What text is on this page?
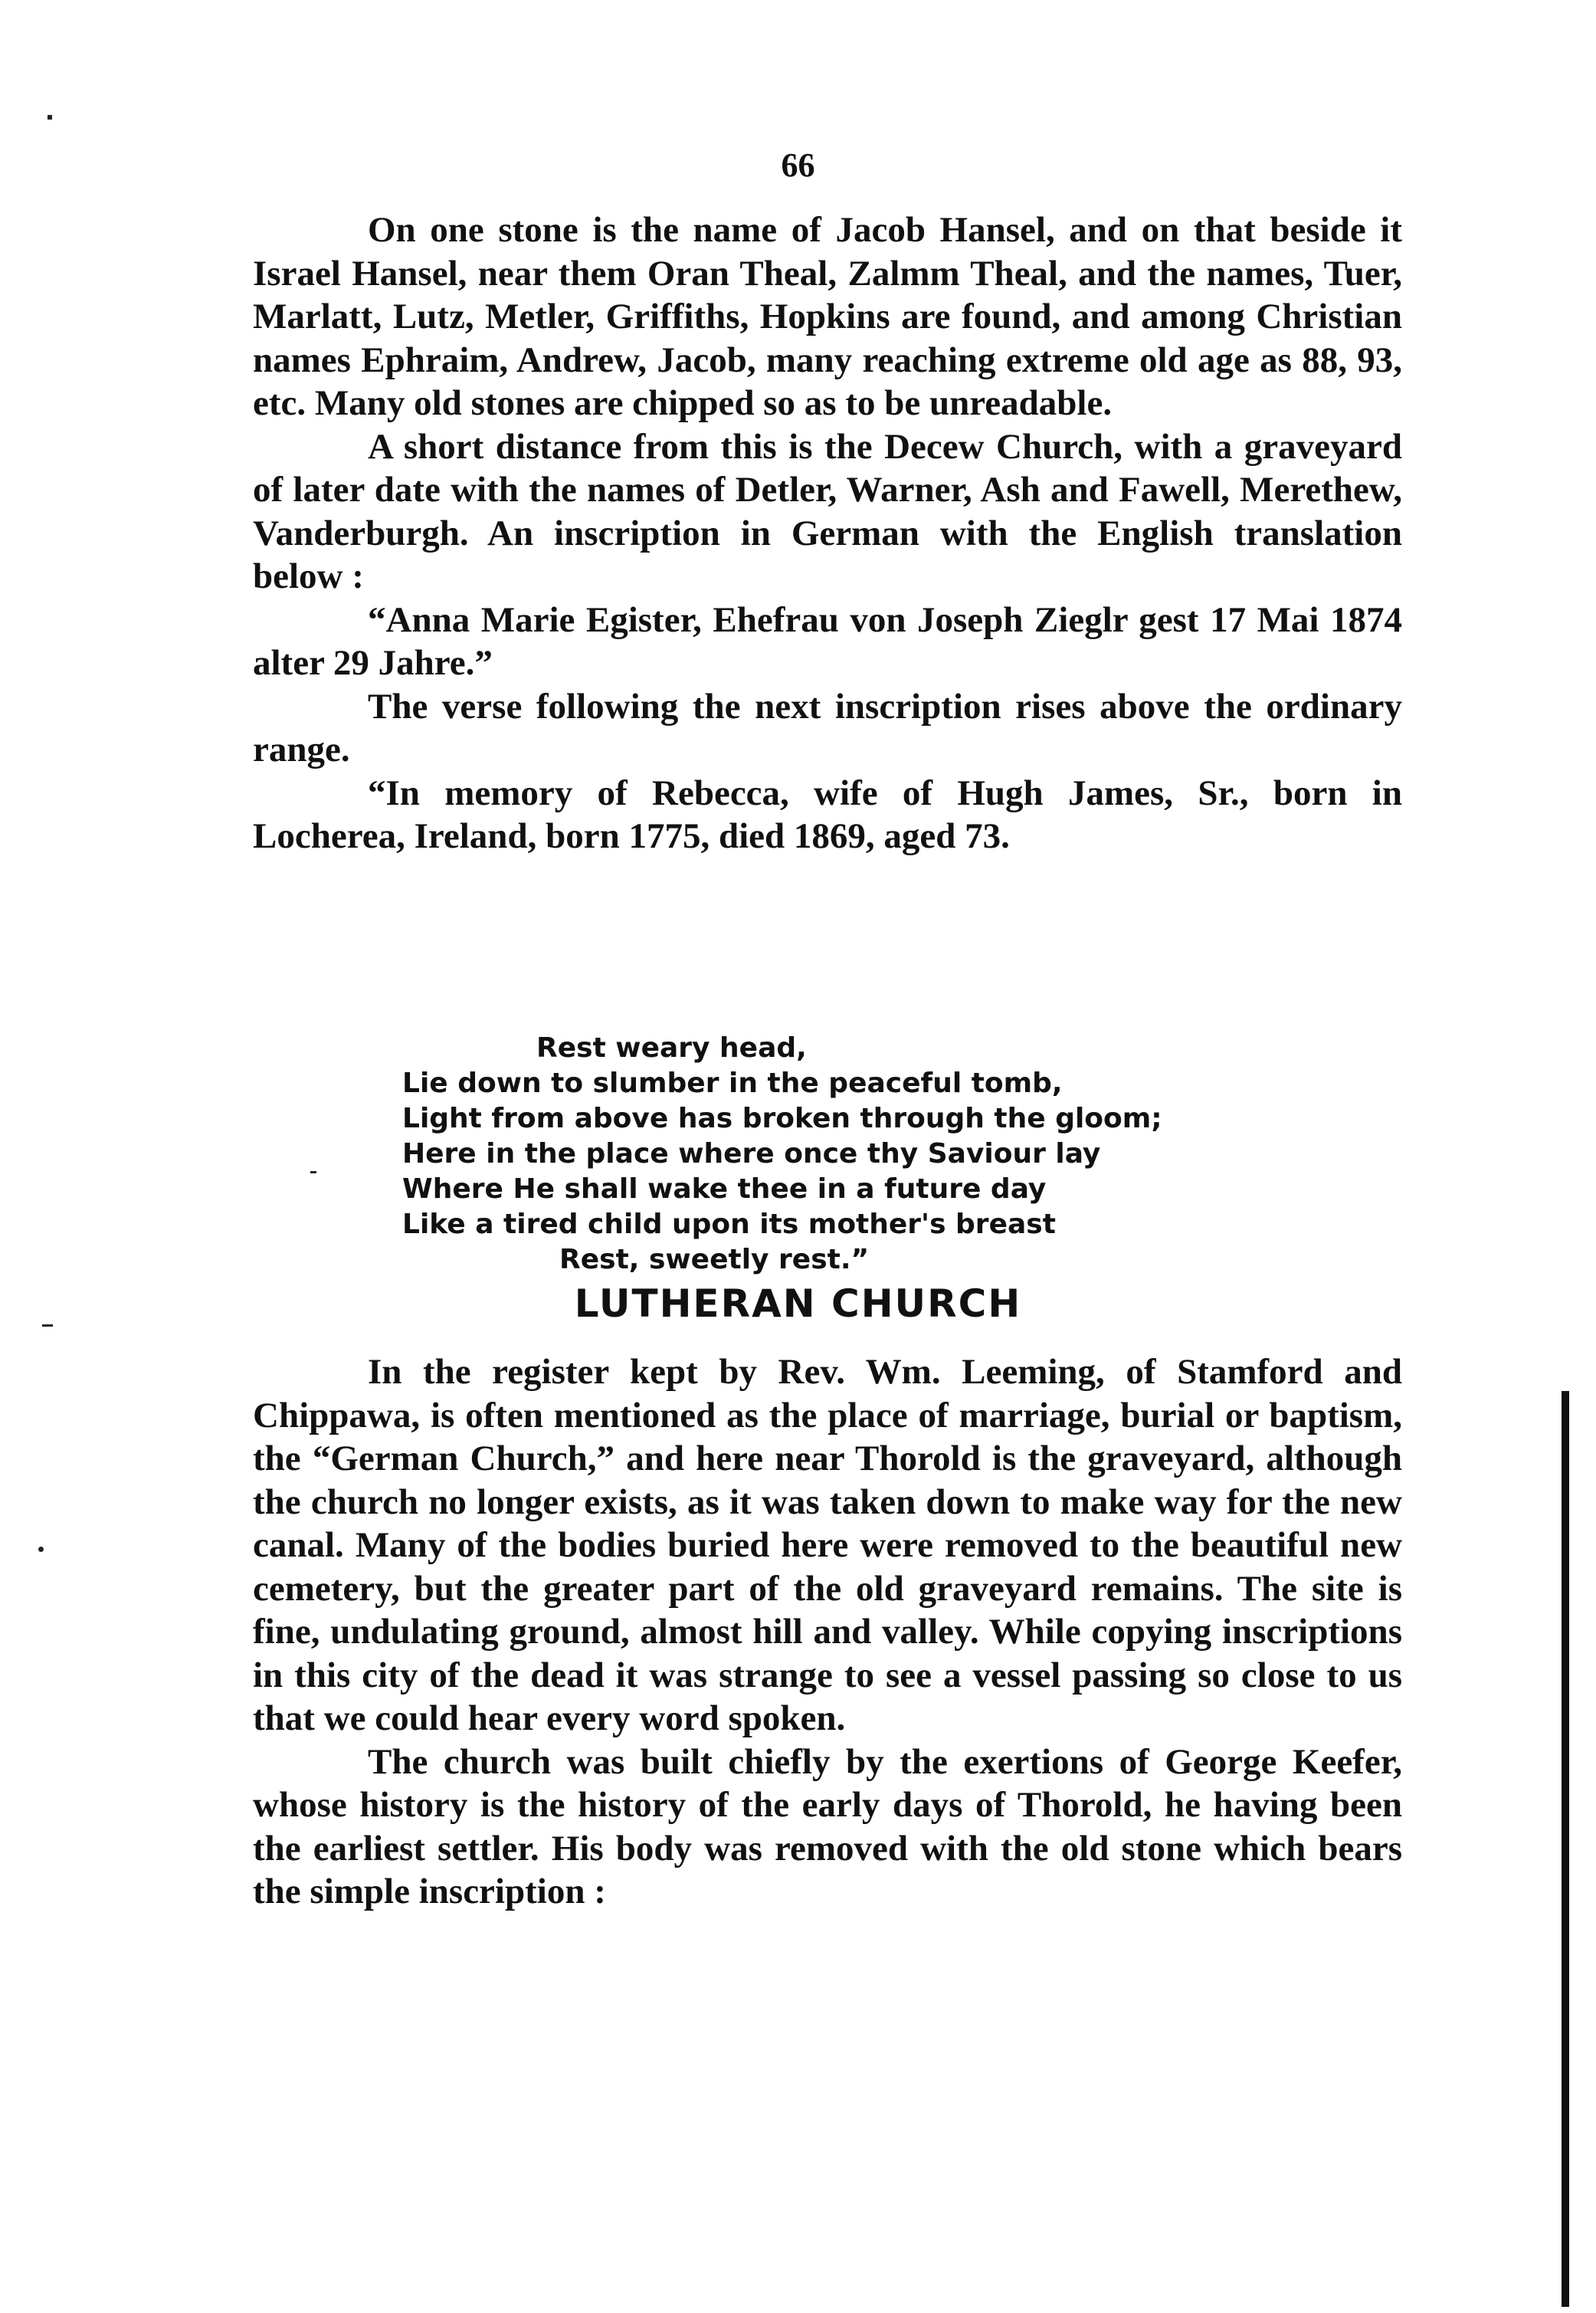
66

On one stone is the name of Jacob Hansel, and on that beside it Israel Hansel, near them Oran Theal, Zalmm Theal, and the names, Tuer, Marlatt, Lutz, Metler, Griffiths, Hopkins are found, and among Christian names Ephraim, Andrew, Jacob, many reaching extreme old age as 88, 93, etc. Many old stones are chipped so as to be unreadable.

A short distance from this is the Decew Church, with a graveyard of later date with the names of Detler, Warner, Ash and Fawell, Merethew, Vanderburgh. An inscription in German with the English translation below :

“Anna Marie Egister, Ehefrau von Joseph Zieglr gest 17 Mai 1874 alter 29 Jahre.”

The verse following the next inscription rises above the ordinary range.

“In memory of Rebecca, wife of Hugh James, Sr., born in Locherea, Ireland, born 1775, died 1869, aged 73.

Rest weary head,
Lie down to slumber in the peaceful tomb,
Light from above has broken through the gloom;
Here in the place where once thy Saviour lay
Where He shall wake thee in a future day
Like a tired child upon its mother's breast
Rest, sweetly rest.”
LUTHERAN CHURCH

In the register kept by Rev. Wm. Leeming, of Stamford and Chippawa, is often mentioned as the place of marriage, burial or baptism, the “German Church,” and here near Thorold is the graveyard, although the church no longer exists, as it was taken down to make way for the new canal. Many of the bodies buried here were removed to the beautiful new cemetery, but the greater part of the old graveyard remains. The site is fine, undulating ground, almost hill and valley. While copying inscriptions in this city of the dead it was strange to see a vessel passing so close to us that we could hear every word spoken.

The church was built chiefly by the exertions of George Keefer, whose history is the history of the early days of Thorold, he having been the earliest settler. His body was removed with the old stone which bears the simple inscription :
